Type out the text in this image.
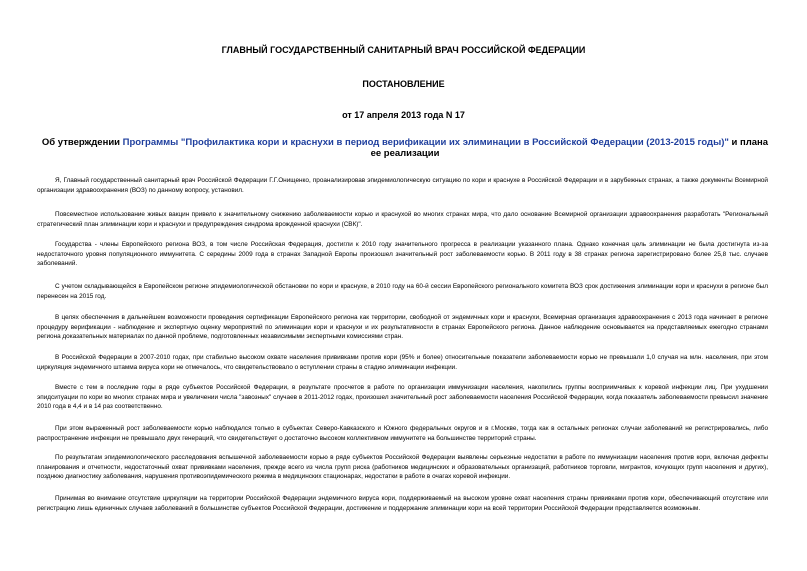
ГЛАВНЫЙ ГОСУДАРСТВЕННЫЙ САНИТАРНЫЙ ВРАЧ РОССИЙСКОЙ ФЕДЕРАЦИИ
ПОСТАНОВЛЕНИЕ
от 17 апреля 2013 года N 17
Об утверждении Программы "Профилактика кори и краснухи в период верификации их элиминации в Российской Федерации (2013-2015 годы)" и плана ее реализации

Я, Главный государственный санитарный врач Российской Федерации Г.Г.Онищенко, проанализировав эпидемиологическую ситуацию по кори и краснухе в Российской Федерации и в зарубежных странах, а также документы Всемирной организации здравоохранения (ВОЗ) по данному вопросу, установил.

Повсеместное использование живых вакцин привело к значительному снижению заболеваемости корью и краснухой во многих странах мира, что дало основание Всемирной организации здравоохранения разработать "Региональный стратегический план элиминации кори и краснухи и предупреждения синдрома врожденной краснухи (СВК)".

Государства - члены Европейского региона ВОЗ, в том числе Российская Федерация, достигли к 2010 году значительного прогресса в реализации указанного плана. Однако конечная цель элиминации не была достигнута из-за недостаточного уровня популяционного иммунитета. С середины 2009 года в странах Западной Европы произошел значительный рост заболеваемости корью. В 2011 году в 38 странах региона зарегистрировано более 25,8 тыс. случаев заболеваний.

С учетом складывающейся в Европейском регионе эпидемиологической обстановки по кори и краснухе, в 2010 году на 60-й сессии Европейского регионального комитета ВОЗ срок достижения элиминации кори и краснухи в регионе был перенесен на 2015 год.

В целях обеспечения в дальнейшем возможности проведения сертификации Европейского региона как территории, свободной от эндемичных кори и краснухи, Всемирная организация здравоохранения с 2013 года начинает в регионе процедуру верификации - наблюдение и экспертную оценку мероприятий по элиминации кори и краснухи и их результативности в странах Европейского региона. Данное наблюдение основывается на представляемых ежегодно странами региона доказательных материалах по данной проблеме, подготовленных независимыми экспертными комиссиями стран.

В Российской Федерации в 2007-2010 годах, при стабильно высоком охвате населения прививками против кори (95% и более) относительные показатели заболеваемости корью не превышали 1,0 случая на млн. населения, при этом циркуляция эндемичного штамма вируса кори не отмечалось, что свидетельствовало о вступлении страны в стадию элиминации инфекции.

Вместе с тем в последние годы в ряде субъектов Российской Федерации, в результате просчетов в работе по организации иммунизации населения, накопились группы восприимчивых к коревой инфекции лиц. При ухудшении эпидситуации по кори во многих странах мира и увеличении числа "завозных" случаев в 2011-2012 годах, произошел значительный рост заболеваемости населения Российской Федерации, когда показатель заболеваемости превысил значение 2010 года в 4,4 и в 14 раз соответственно.

При этом выраженный рост заболеваемости корью наблюдался только в субъектах Северо-Кавказского и Южного федеральных округов и в г.Москве, тогда как в остальных регионах случаи заболеваний не регистрировались, либо распространение инфекции не превышало двух генераций, что свидетельствует о достаточно высоком коллективном иммунитете на большинстве территорий страны.

По результатам эпидемиологического расследования вспышечной заболеваемости корью в ряде субъектов Российской Федерации выявлены серьезные недостатки в работе по иммунизации населения против кори, включая дефекты планирования и отчетности, недостаточный охват прививками населения, прежде всего из числа групп риска (работников медицинских и образовательных организаций, работников торговли, мигрантов, кочующих групп населения и других), позднюю диагностику заболевания, нарушения противоэпидемического режима в медицинских стационарах, недостатки в работе в очагах коревой инфекции.

Принимая во внимание отсутствие циркуляции на территории Российской Федерации эндемичного вируса кори, поддерживаемый на высоком уровне охват населения страны прививками против кори, обеспечивающий отсутствие или регистрацию лишь единичных случаев заболеваний в большинстве субъектов Российской Федерации, достижение и поддержание элиминации кори на всей территории Российской Федерации представляется возможным.
